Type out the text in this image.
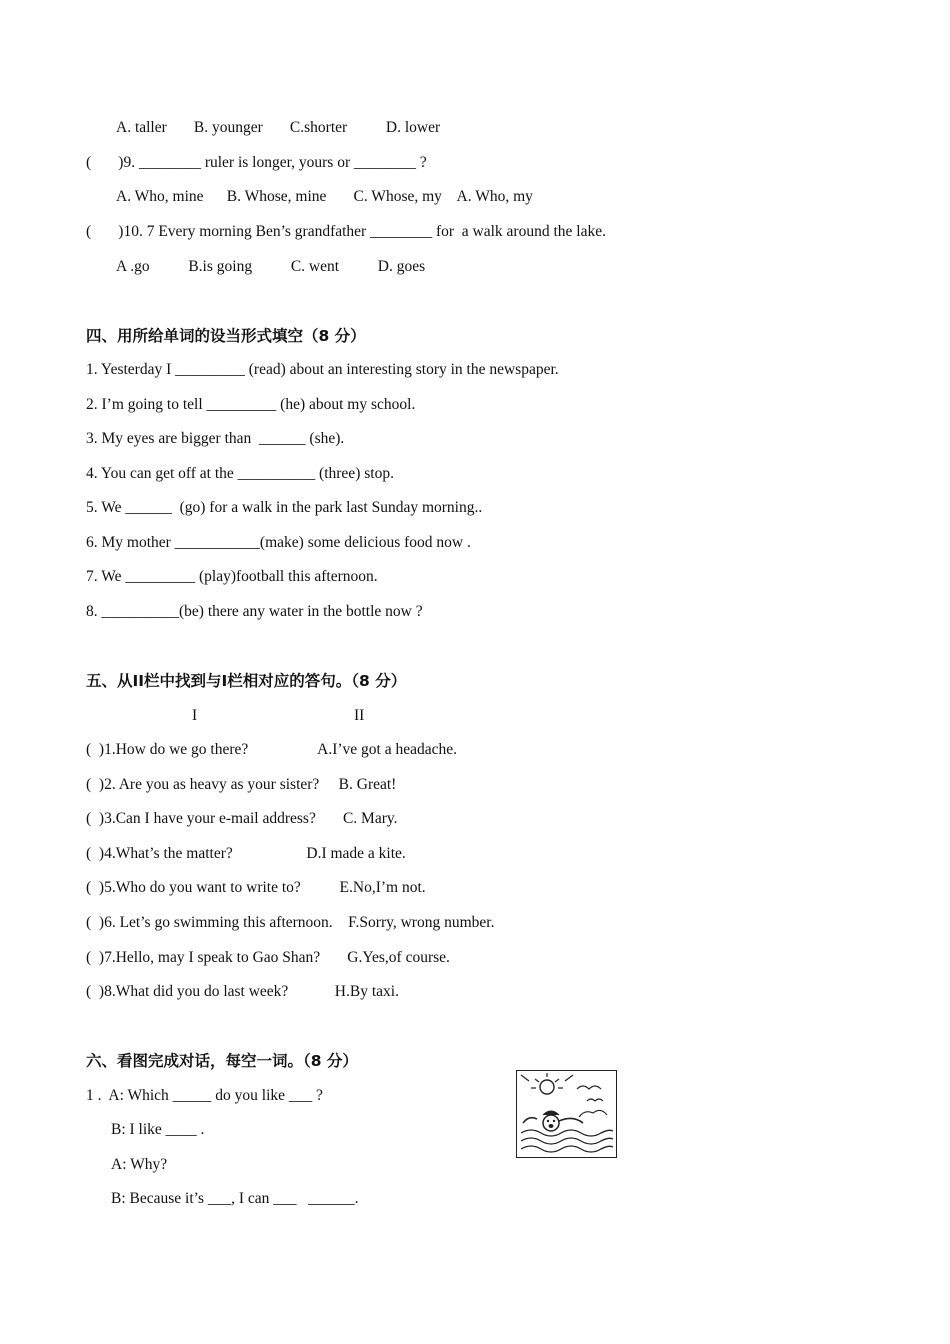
A. taller       B. younger       C.shorter          D. lower
(       )9. ________ ruler is longer, yours or ________ ?
A. Who, mine      B. Whose, mine       C. Whose, my    A. Who, my
(       )10. 7 Every morning Ben’s grandfather ________ for  a walk around the lake.
A .go          B.is going          C. went          D. goes
四、用所给单词的设当形式填空（8 分）
1. Yesterday I _________ (read) about an interesting story in the newspaper.
2. I’m going to tell _________ (he) about my school.
3. My eyes are bigger than  ______ (she).
4. You can get off at the __________ (three) stop.
5. We ______  (go) for a walk in the park last Sunday morning..
6. My mother ___________(make) some delicious food now .
7. We _________ (play)football this afternoon.
8. __________(be) there any water in the bottle now ?
五、从II栏中找到与I栏相对应的答句。（8 分）
I	II
(  )1.How do we go there?                  A.I’ve got a headache.
(  )2. Are you as heavy as your sister?     B. Great!
(  )3.Can I have your e-mail address?       C. Mary.
(  )4.What’s the matter?                   D.I made a kite.
(  )5.Who do you want to write to?          E.No,I’m not.
(  )6. Let’s go swimming this afternoon.    F.Sorry, wrong number.
(  )7.Hello, may I speak to Gao Shan?       G.Yes,of course.
(  )8.What did you do last week?            H.By taxi.
六、看图完成对话，每空一词。（8 分）
1 .  A: Which _____ do you like ___ ?
B: I like ____ .
A: Why?
B: Because it’s ___, I can ___   ______.
